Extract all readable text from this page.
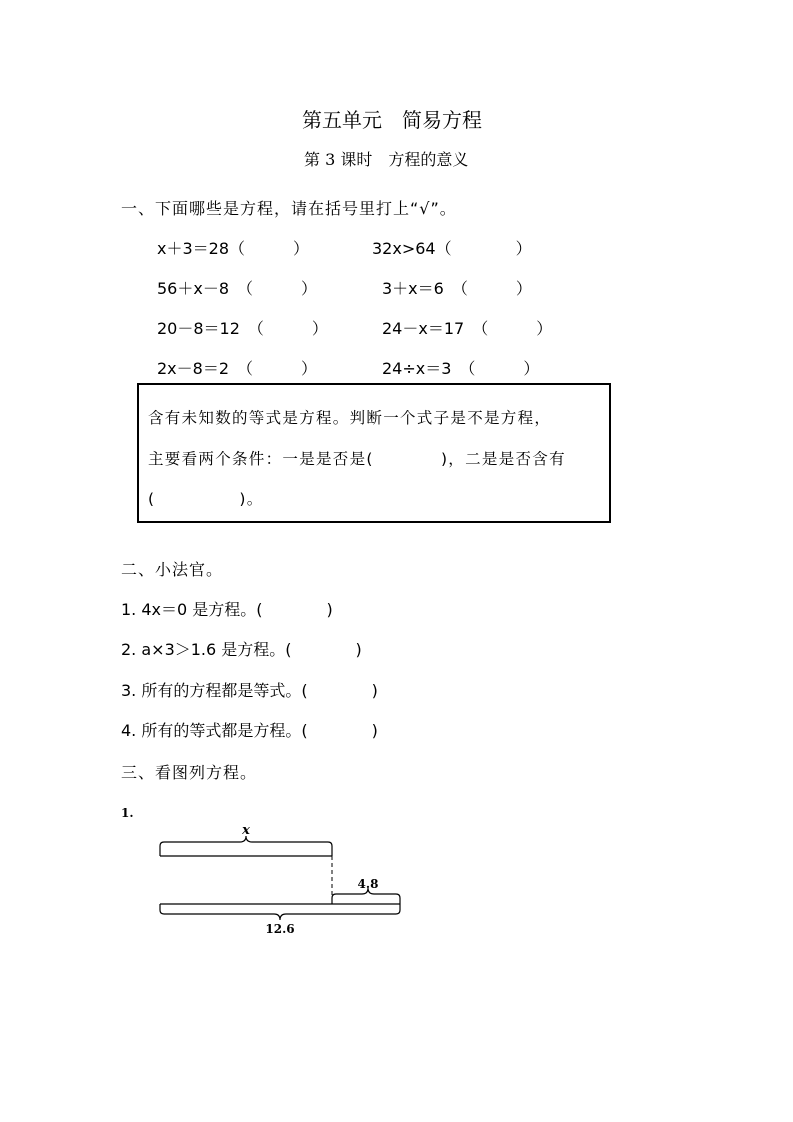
第五单元　简易方程
第 3 课时　方程的意义
一、下面哪些是方程，请在括号里打上“√”。
x＋3＝28（　　　）	32x>64（　　　　）
56＋x－8　（　　　）	3＋x＝6　（　　　）
20－8＝12　（　　　）	24－x＝17　（　　　）
2x－8＝2　（　　　）	24÷x＝3　（　　　）
含有未知数的等式是方程。判断一个式子是不是方程，
主要看两个条件：一是是否是(　　　　)，二是是否含有
(　　　　　)。
二、小法官。
1. 4x＝0 是方程。(　　　　)
2. a×3＞1.6 是方程。(　　　　)
3. 所有的方程都是等式。(　　　　)
4. 所有的等式都是方程。(　　　　)
三、看图列方程。
1.
x
4.8
12.6
